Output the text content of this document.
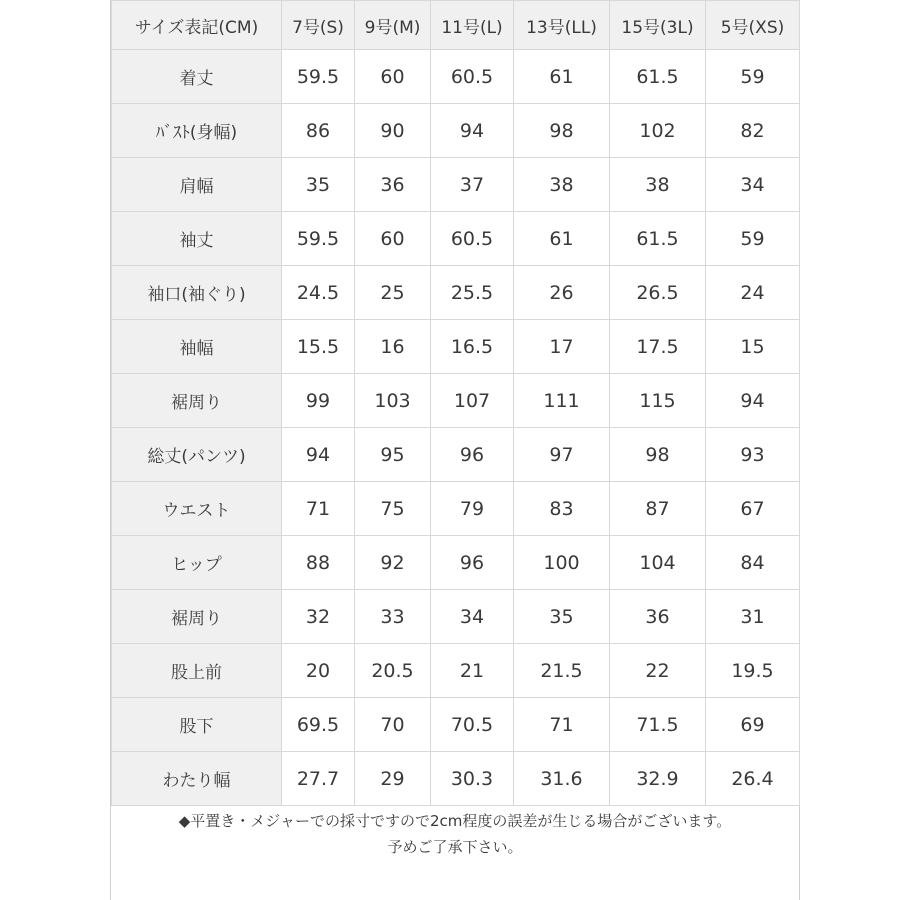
サイズ表記(CM)	7号(S)	9号(M)	11号(L)	13号(LL)	15号(3L)	5号(XS)
着丈	59.5	60	60.5	61	61.5	59
ﾊﾞｽﾄ(身幅)	86	90	94	98	102	82
肩幅	35	36	37	38	38	34
袖丈	59.5	60	60.5	61	61.5	59
袖口(袖ぐり)	24.5	25	25.5	26	26.5	24
袖幅	15.5	16	16.5	17	17.5	15
裾周り	99	103	107	111	115	94
総丈(パンツ)	94	95	96	97	98	93
ウエスト	71	75	79	83	87	67
ヒップ	88	92	96	100	104	84
裾周り	32	33	34	35	36	31
股上前	20	20.5	21	21.5	22	19.5
股下	69.5	70	70.5	71	71.5	69
わたり幅	27.7	29	30.3	31.6	32.9	26.4
◆平置き・メジャーでの採寸ですので2cm程度の誤差が生じる場合がございます。
予めご了承下さい。
